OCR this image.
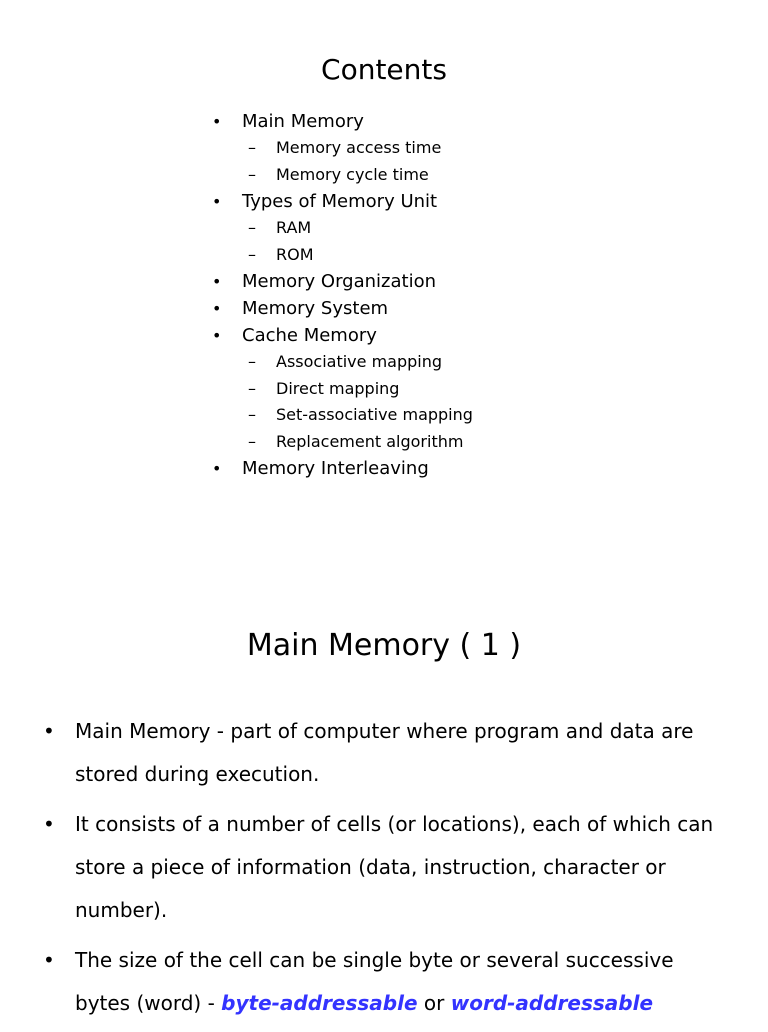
Contents
• Main Memory
– Memory access time
– Memory cycle time
• Types of Memory Unit
– RAM
– ROM
• Memory Organization
• Memory System
• Cache Memory
– Associative mapping
– Direct mapping
– Set-associative mapping
– Replacement algorithm
• Memory Interleaving
Main Memory ( 1 )
• Main Memory - part of computer where program and data are stored during execution.
• It consists of a number of cells (or locations), each of which can store a piece of information (data, instruction, character or number).
• The size of the cell can be single byte or several successive bytes (word) - byte-addressable or word-addressable
